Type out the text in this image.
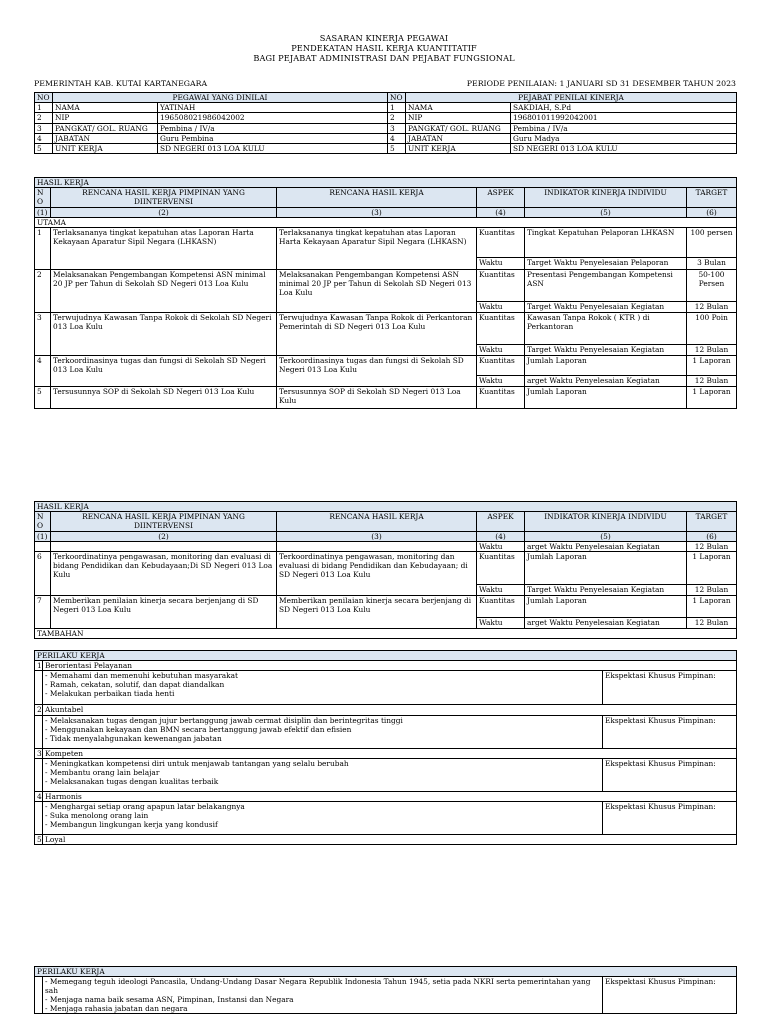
SASARAN KINERJA PEGAWAI
PENDEKATAN HASIL KERJA KUANTITATIF
BAGI PEJABAT ADMINISTRASI DAN PEJABAT FUNGSIONAL
PEMERINTAH KAB. KUTAI KARTANEGARA	PERIODE PENILAIAN: 1 JANUARI SD 31 DESEMBER TAHUN 2023
NO	PEGAWAI YANG DINILAI		NO	PEJABAT PENILAI KINERJA	
1	NAMA	YATINAH	1	NAMA	SAKDIAH, S.Pd
2	NIP	196508021986042002	2	NIP	196801011992042001
3	PANGKAT/ GOL. RUANG	Pembina / IV/a	3	PANGKAT/ GOL. RUANG	Pembina / IV/a
4	JABATAN	Guru Pembina	4	JABATAN	Guru Madya
5	UNIT KERJA	SD NEGERI 013 LOA KULU	5	UNIT KERJA	SD NEGERI 013 LOA KULU
HASIL KERJA					
NO	RENCANA HASIL KERJA PIMPINAN YANG DIINTERVENSI	RENCANA HASIL KERJA	ASPEK	INDIKATOR KINERJA INDIVIDU	TARGET
(1)	(2)	(3)	(4)	(5)	(6)
UTAMA					
1	Terlaksananya tingkat kepatuhan atas Laporan Harta Kekayaan Aparatur Sipil Negara (LHKASN)	Terlaksananya tingkat kepatuhan atas Laporan Harta Kekayaan Aparatur Sipil Negara (LHKASN)	Kuantitas	Tingkat Kepatuhan Pelaporan LHKASN	100 persen
			Waktu	Target Waktu Penyelesaian Pelaporan	3 Bulan
2	Melaksanakan Pengembangan Kompetensi ASN minimal 20 JP per Tahun di Sekolah SD Negeri 013 Loa Kulu	Melaksanakan Pengembangan Kompetensi ASN minimal 20 JP per Tahun di Sekolah SD Negeri 013 Loa Kulu	Kuantitas	Presentasi Pengembangan Kompetensi ASN	50-100 Persen
			Waktu	Target Waktu Penyelesaian Kegiatan	12 Bulan
3	Terwujudnya Kawasan Tanpa Rokok di Sekolah SD Negeri 013 Loa Kulu	Terwujudnya Kawasan Tanpa Rokok di Perkantoran Pemerintah di SD Negeri 013 Loa Kulu	Kuantitas	Kawasan Tanpa Rokok ( KTR ) di Perkantoran	100 Poin
			Waktu	Target Waktu Penyelesaian Kegiatan	12 Bulan
4	Terkoordinasinya tugas dan fungsi di Sekolah SD Negeri 013 Loa Kulu	Terkoordinasinya tugas dan fungsi di Sekolah SD Negeri 013 Loa Kulu	Kuantitas	Jumlah Laporan	1 Laporan
			Waktu	arget Waktu Penyelesaian Kegiatan	12 Bulan
5	Tersusunnya SOP di Sekolah SD Negeri 013 Loa Kulu	Tersusunnya SOP di Sekolah SD Negeri 013 Loa Kulu	Kuantitas	Jumlah Laporan	1 Laporan
HASIL KERJA					
NO	RENCANA HASIL KERJA PIMPINAN YANG DIINTERVENSI	RENCANA HASIL KERJA	ASPEK	INDIKATOR KINERJA INDIVIDU	TARGET
(1)	(2)	(3)	(4)	(5)	(6)
			Waktu	arget Waktu Penyelesaian Kegiatan	12 Bulan
6	Terkoordinatinya pengawasan, monitoring dan evaluasi di bidang Pendidikan dan Kebudayaan;Di SD Negeri 013 Loa Kulu	Terkoordinatinya pengawasan, monitoring dan evaluasi di bidang Pendidikan dan Kebudayaan; di SD Negeri 013 Loa Kulu	Kuantitas	Jumlah Laporan	1 Laporan
			Waktu	Target Waktu Penyelesaian Kegiatan	12 Bulan
7	Memberikan penilaian kinerja secara berjenjang di SD Negeri 013 Loa Kulu	Memberikan penilaian kinerja secara berjenjang di SD Negeri 013 Loa Kulu	Kuantitas	Jumlah Laporan	1 Laporan
			Waktu	arget Waktu Penyelesaian Kegiatan	12 Bulan
TAMBAHAN					
PERILAKU KERJA		
1	Berorientasi Pelayanan	

	- Memahami dan memenuhi kebutuhan masyarakat
- Ramah, cekatan, solutif, dan dapat diandalkan
- Melakukan perbaikan tiada henti	Ekspektasi Khusus Pimpinan:
2	Akuntabel	

	- Melaksanakan tugas dengan jujur bertanggung jawab cermat disiplin dan berintegritas tinggi
- Menggunakan kekayaan dan BMN secara bertanggung jawab efektif dan efisien
- Tidak menyalahgunakan kewenangan jabatan	Ekspektasi Khusus Pimpinan:
3	Kompeten	

	- Meningkatkan kompetensi diri untuk menjawab tantangan yang selalu berubah
- Membantu orang lain belajar
- Melaksanakan tugas dengan kualitas terbaik	Ekspektasi Khusus Pimpinan:
4	Harmonis	

	- Menghargai setiap orang apapun latar belakangnya
- Suka menolong orang lain
- Membangun lingkungan kerja yang kondusif	Ekspektasi Khusus Pimpinan:
5	Loyal	
PERILAKU KERJA

- Memegang teguh ideologi Pancasila, Undang-Undang Dasar Negara Republik Indonesia Tahun 1945, setia pada NKRI serta pemerintahan yang sah
- Menjaga nama baik sesama ASN, Pimpinan, Instansi dan Negara
- Menjaga rahasia jabatan dan negara
	Ekspektasi Khusus Pimpinan:
